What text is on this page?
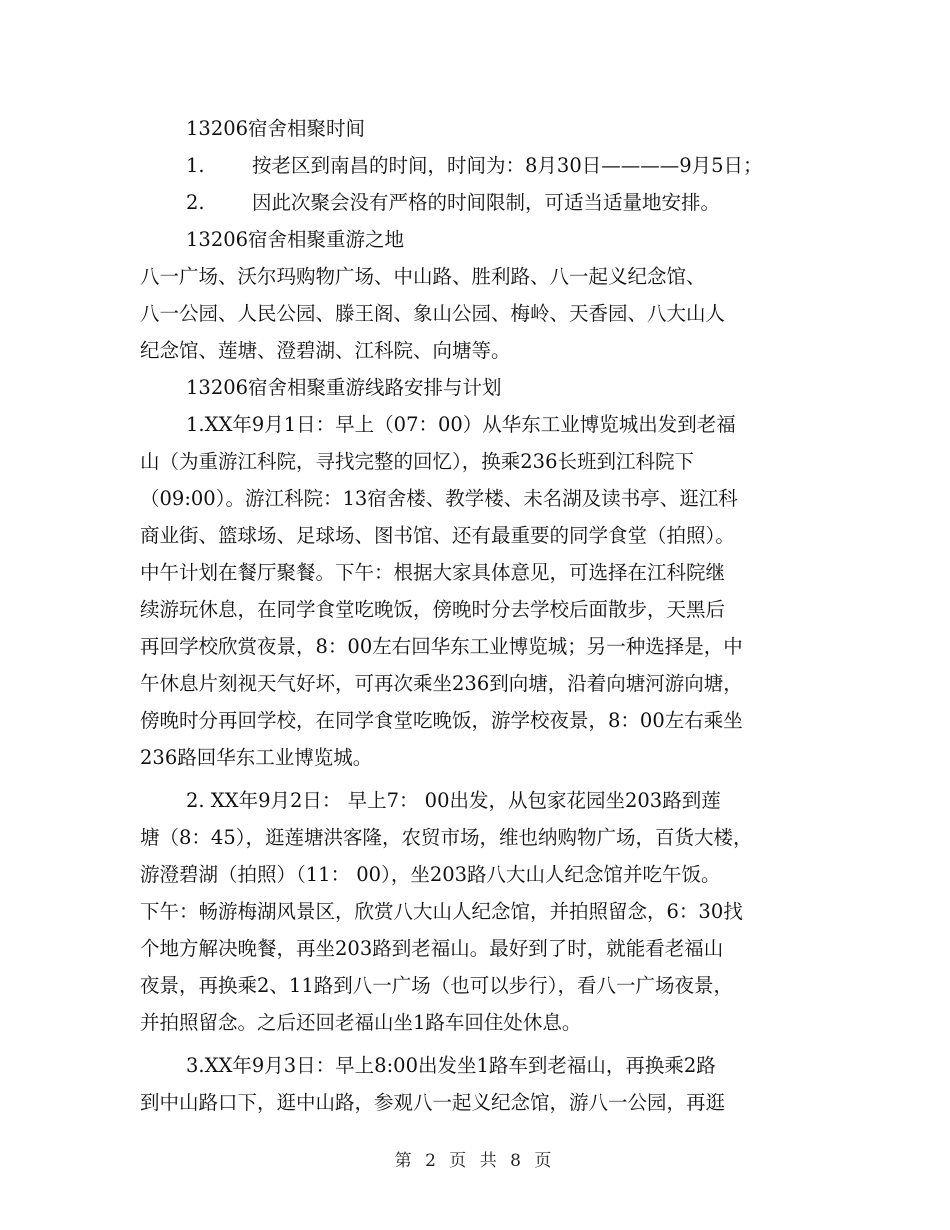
13206宿舍相聚时间
1. 按老区到南昌的时间，时间为：8月30日————9月5日；
2. 因此次聚会没有严格的时间限制，可适当适量地安排。
13206宿舍相聚重游之地
八一广场、沃尔玛购物广场、中山路、胜利路、八一起义纪念馆、
八一公园、人民公园、滕王阁、象山公园、梅岭、天香园、八大山人
纪念馆、莲塘、澄碧湖、江科院、向塘等。
13206宿舍相聚重游线路安排与计划
1.XX年9月1日：早上（07：00）从华东工业博览城出发到老福
山（为重游江科院，寻找完整的回忆），换乘236长班到江科院下
（09:00）。游江科院：13宿舍楼、教学楼、未名湖及读书亭、逛江科
商业街、篮球场、足球场、图书馆、还有最重要的同学食堂（拍照）。
中午计划在餐厅聚餐。下午：根据大家具体意见，可选择在江科院继
续游玩休息，在同学食堂吃晚饭，傍晚时分去学校后面散步，天黑后
再回学校欣赏夜景，8：00左右回华东工业博览城；另一种选择是，中
午休息片刻视天气好坏，可再次乘坐236到向塘，沿着向塘河游向塘，
傍晚时分再回学校，在同学食堂吃晚饭，游学校夜景，8：00左右乘坐
236路回华东工业博览城。
2. XX年9月2日： 早上7： 00出发，从包家花园坐203路到莲
塘（8：45），逛莲塘洪客隆，农贸市场，维也纳购物广场，百货大楼，
游澄碧湖（拍照）（11： 00），坐203路八大山人纪念馆并吃午饭。
下午：畅游梅湖风景区，欣赏八大山人纪念馆，并拍照留念，6：30找
个地方解决晚餐，再坐203路到老福山。最好到了时，就能看老福山
夜景，再换乘2、11路到八一广场（也可以步行），看八一广场夜景，
并拍照留念。之后还回老福山坐1路车回住处休息。
3.XX年9月3日：早上8:00出发坐1路车到老福山，再换乘2路
到中山路口下，逛中山路，参观八一起义纪念馆，游八一公园，再逛
第 2 页 共 8 页
